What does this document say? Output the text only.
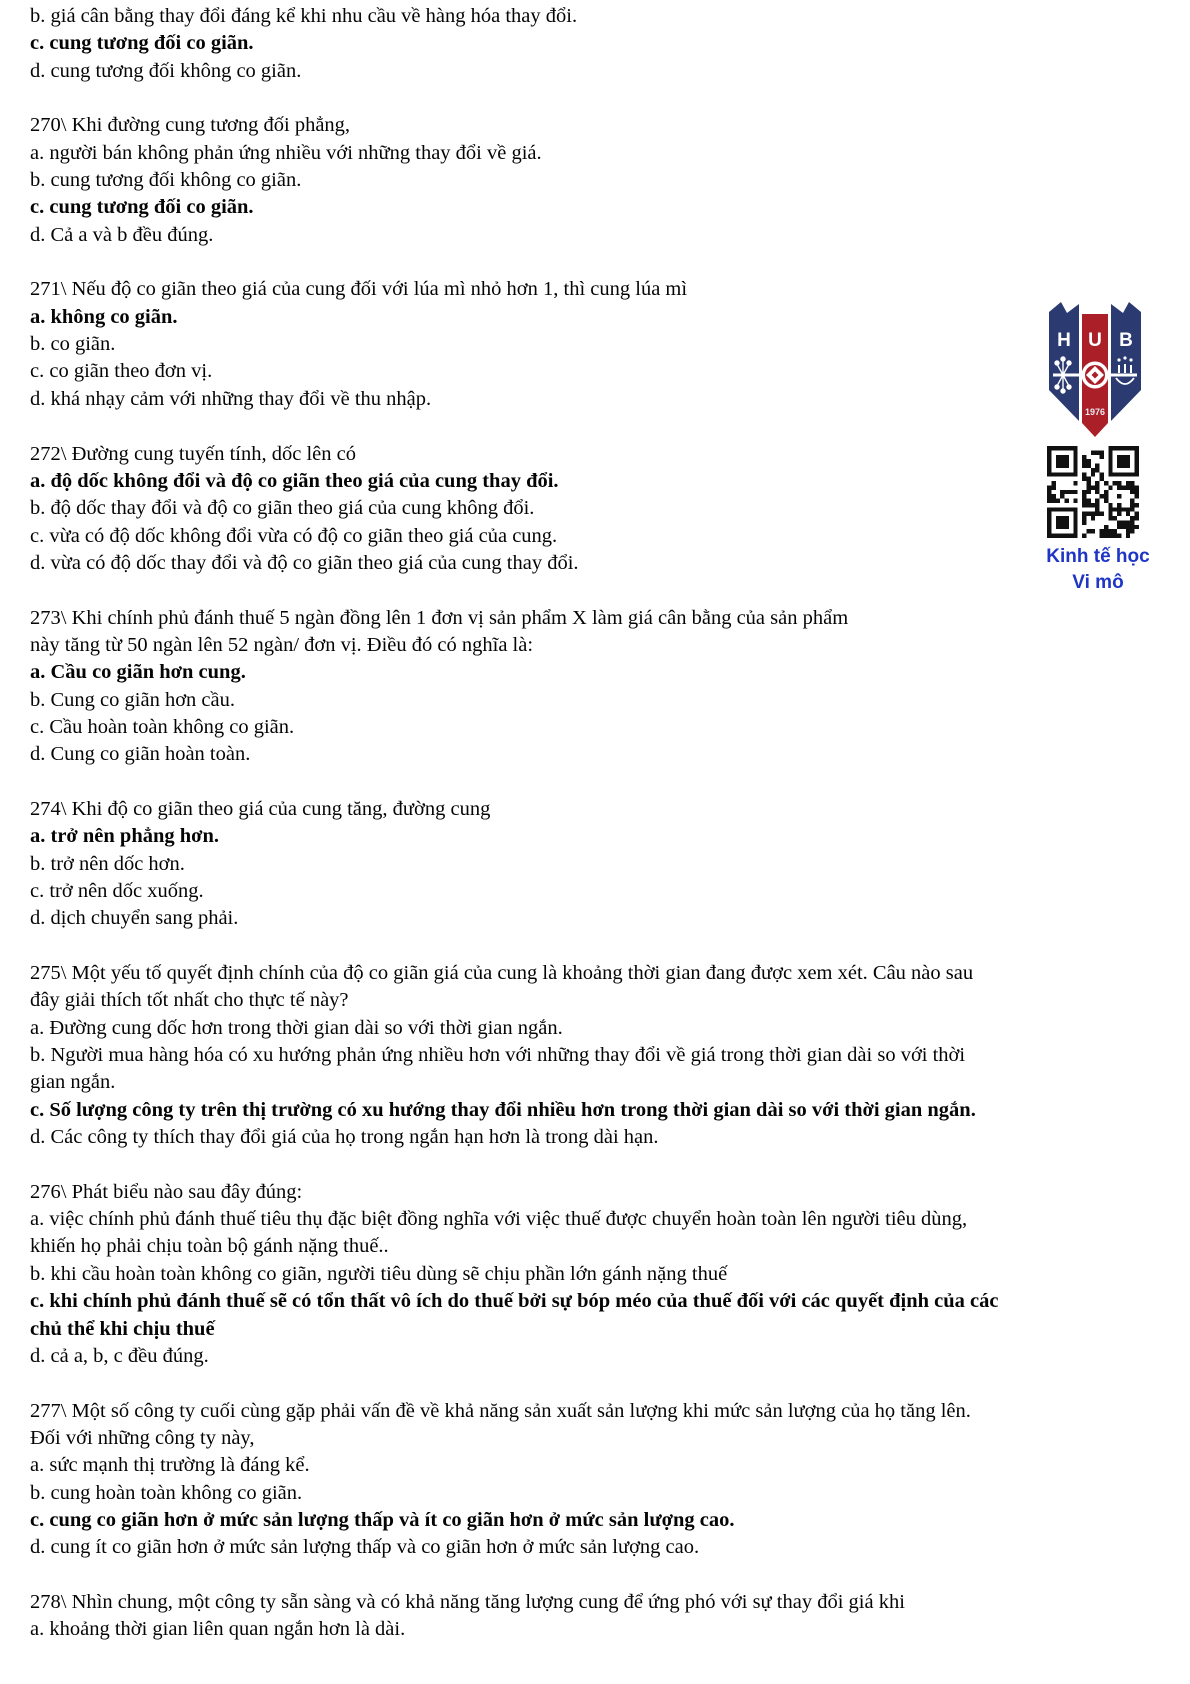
b. giá cân bằng thay đổi đáng kể khi nhu cầu về hàng hóa thay đổi.
c. cung tương đối co giãn.
d. cung tương đối không co giãn.
270\ Khi đường cung tương đối phẳng,
a. người bán không phản ứng nhiều với những thay đổi về giá.
b. cung tương đối không co giãn.
c. cung tương đối co giãn.
d. Cả a và b đều đúng.
271\ Nếu độ co giãn theo giá của cung đối với lúa mì nhỏ hơn 1, thì cung lúa mì
a. không co giãn.
b. co giãn.
c. co giãn theo đơn vị.
d. khá nhạy cảm với những thay đổi về thu nhập.
272\ Đường cung tuyến tính, dốc lên có
a. độ dốc không đổi và độ co giãn theo giá của cung thay đổi.
b. độ dốc thay đổi và độ co giãn theo giá của cung không đổi.
c. vừa có độ dốc không đổi vừa có độ co giãn theo giá của cung.
d. vừa có độ dốc thay đổi và độ co giãn theo giá của cung thay đổi.
273\ Khi chính phủ đánh thuế 5 ngàn đồng lên 1 đơn vị sản phẩm X làm giá cân bằng của sản phẩm
này tăng từ 50 ngàn lên 52 ngàn/ đơn vị. Điều đó có nghĩa là:
a. Cầu co giãn hơn cung.
b. Cung co giãn hơn cầu.
c. Cầu hoàn toàn không co giãn.
d. Cung co giãn hoàn toàn.
274\ Khi độ co giãn theo giá của cung tăng, đường cung
a. trở nên phẳng hơn.
b. trở nên dốc hơn.
c. trở nên dốc xuống.
d. dịch chuyển sang phải.
275\ Một yếu tố quyết định chính của độ co giãn giá của cung là khoảng thời gian đang được xem xét. Câu nào sau
đây giải thích tốt nhất cho thực tế này?
a. Đường cung dốc hơn trong thời gian dài so với thời gian ngắn.
b. Người mua hàng hóa có xu hướng phản ứng nhiều hơn với những thay đổi về giá trong thời gian dài so với thời
gian ngắn.
c. Số lượng công ty trên thị trường có xu hướng thay đổi nhiều hơn trong thời gian dài so với thời gian ngắn.
d. Các công ty thích thay đổi giá của họ trong ngắn hạn hơn là trong dài hạn.
276\ Phát biểu nào sau đây đúng:
a. việc chính phủ đánh thuế tiêu thụ đặc biệt đồng nghĩa với việc thuế được chuyển hoàn toàn lên người tiêu dùng,
khiến họ phải chịu toàn bộ gánh nặng thuế..
b. khi cầu hoàn toàn không co giãn, người tiêu dùng sẽ chịu phần lớn gánh nặng thuế
c. khi chính phủ đánh thuế sẽ có tổn thất vô ích do thuế bởi sự bóp méo của thuế đối với các quyết định của các
chủ thể khi chịu thuế
d. cả a, b, c đều đúng.
277\ Một số công ty cuối cùng gặp phải vấn đề về khả năng sản xuất sản lượng khi mức sản lượng của họ tăng lên.
Đối với những công ty này,
a. sức mạnh thị trường là đáng kể.
b. cung hoàn toàn không co giãn.
c. cung co giãn hơn ở mức sản lượng thấp và ít co giãn hơn ở mức sản lượng cao.
d. cung ít co giãn hơn ở mức sản lượng thấp và co giãn hơn ở mức sản lượng cao.
278\ Nhìn chung, một công ty sẵn sàng và có khả năng tăng lượng cung để ứng phó với sự thay đổi giá khi
a. khoảng thời gian liên quan ngắn hơn là dài.
H U B
1976
Kinh tế học
Vi mô
